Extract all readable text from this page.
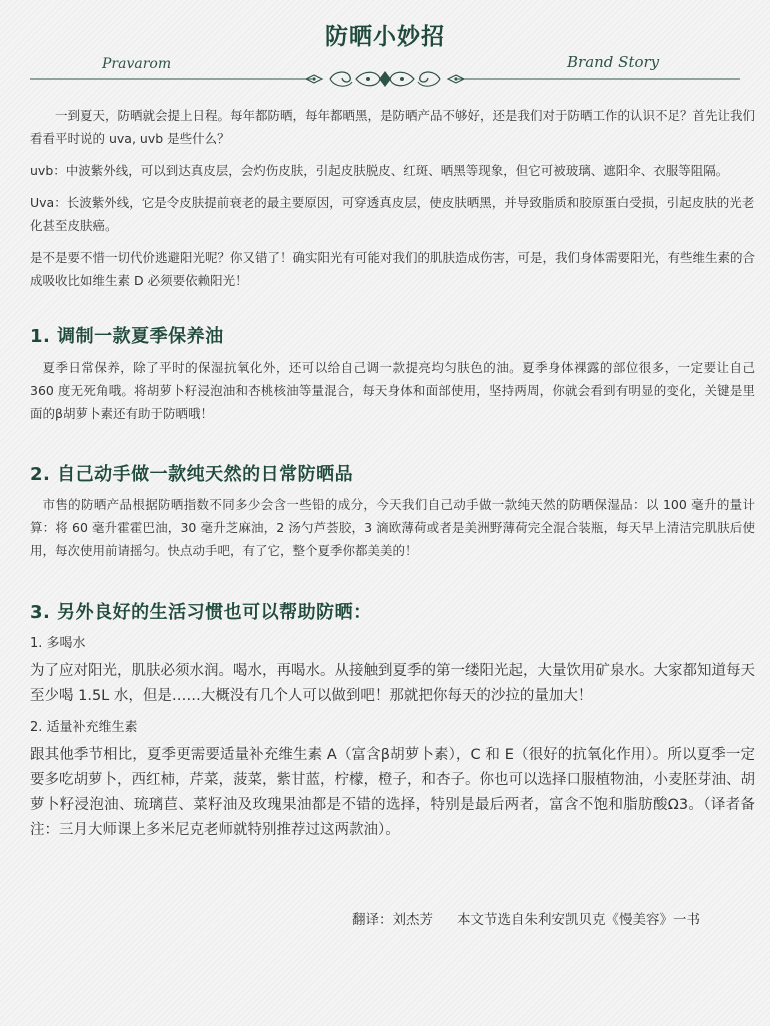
防晒小妙招
Pravarom	Brand Story

一到夏天，防晒就会提上日程。每年都防晒，每年都晒黑，是防晒产品不够好，还是我们对于防晒工作的认识不足？首先让我们看看平时说的 uva, uvb 是些什么？

uvb：中波紫外线，可以到达真皮层，会灼伤皮肤，引起皮肤脱皮、红斑、晒黑等现象，但它可被玻璃、遮阳伞、衣服等阻隔。

Uva：长波紫外线，它是令皮肤提前衰老的最主要原因，可穿透真皮层，使皮肤晒黑，并导致脂质和胶原蛋白受损，引起皮肤的光老化甚至皮肤癌。

是不是要不惜一切代价逃避阳光呢？你又错了！确实阳光有可能对我们的肌肤造成伤害，可是，我们身体需要阳光，有些维生素的合成吸收比如维生素 D 必须要依赖阳光！

1. 调制一款夏季保养油

夏季日常保养，除了平时的保湿抗氧化外，还可以给自己调一款提亮均匀肤色的油。夏季身体裸露的部位很多，一定要让自己 360 度无死角哦。将胡萝卜籽浸泡油和杏桃核油等量混合，每天身体和面部使用，坚持两周，你就会看到有明显的变化，关键是里面的β胡萝卜素还有助于防晒哦！

2. 自己动手做一款纯天然的日常防晒品

市售的防晒产品根据防晒指数不同多少会含一些铅的成分，今天我们自己动手做一款纯天然的防晒保湿品：以 100 毫升的量计算：将 60 毫升霍霍巴油，30 毫升芝麻油，2 汤勺芦荟胶，3 滴欧薄荷或者是美洲野薄荷完全混合装瓶，每天早上清洁完肌肤后使用，每次使用前请摇匀。快点动手吧，有了它，整个夏季你都美美的！

3. 另外良好的生活习惯也可以帮助防晒：
1. 多喝水

为了应对阳光，肌肤必须水润。喝水，再喝水。从接触到夏季的第一缕阳光起，大量饮用矿泉水。大家都知道每天至少喝 1.5L 水，但是……大概没有几个人可以做到吧！那就把你每天的沙拉的量加大！

2. 适量补充维生素

跟其他季节相比，夏季更需要适量补充维生素 A（富含β胡萝卜素），C 和 E（很好的抗氧化作用）。所以夏季一定要多吃胡萝卜，西红柿，芹菜，菠菜，紫甘蓝，柠檬，橙子，和杏子。你也可以选择口服植物油，小麦胚芽油、胡萝卜籽浸泡油、琉璃苣、菜籽油及玫瑰果油都是不错的选择，特别是最后两者，富含不饱和脂肪酸Ω3。（译者备注：三月大师课上多米尼克老师就特别推荐过这两款油）。

翻译：刘杰芳 本文节选自朱利安凯贝克《慢美容》一书
